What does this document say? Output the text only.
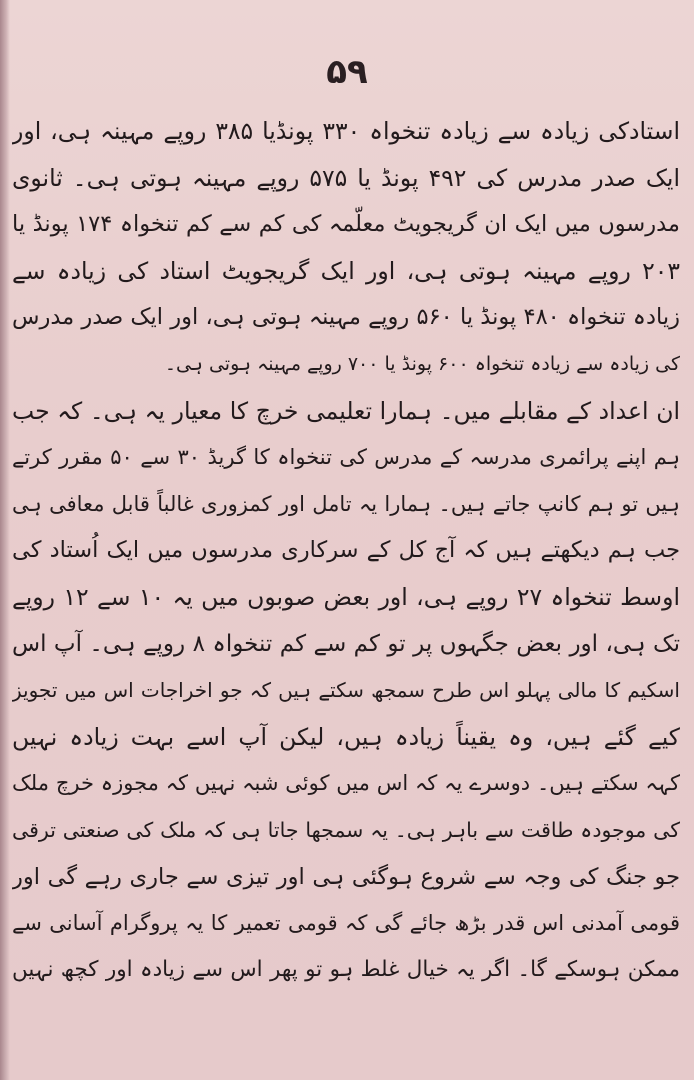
۵۹
استادکی زیادہ سے زیادہ تنخواہ ۳۳۰ پونڈیا ۳۸۵ روپے مہینہ ہی، اور
ایک صدر مدرس کی ۴۹۲ پونڈ یا ۵۷۵ روپے مہینہ ہوتی ہی۔ ثانوی
مدرسوں میں ایک ان گریجویٹ معلّمہ کی کم سے کم تنخواہ ۱۷۴ پونڈ یا
۲۰۳ روپے مہینہ ہوتی ہی، اور ایک گریجویٹ استاد کی زیادہ سے
زیادہ تنخواہ ۴۸۰ پونڈ یا ۵۶۰ روپے مہینہ ہوتی ہی، اور ایک صدر مدرس
کی زیادہ سے زیادہ تنخواہ ۶۰۰ پونڈ یا ۷۰۰ روپے مہینہ ہوتی ہی۔
ان اعداد کے مقابلے میں۔ ہمارا تعلیمی خرچ کا معیار یہ ہی۔ کہ جب
ہم اپنے پرائمری مدرسہ کے مدرس کی تنخواہ کا گریڈ ۳۰ سے ۵۰ مقرر کرتے
ہیں تو ہم کانپ جاتے ہیں۔ ہمارا یہ تامل اور کمزوری غالباً قابل معافی ہی
جب ہم دیکھتے ہیں کہ آج کل کے سرکاری مدرسوں میں ایک اُستاد کی
اوسط تنخواہ ۲۷ روپے ہی، اور بعض صوبوں میں یہ ۱۰ سے ۱۲ روپے
تک ہی، اور بعض جگہوں پر تو کم سے کم تنخواہ ۸ روپے ہی۔ آپ اس
اسکیم کا مالی پہلو اس طرح سمجھ سکتے ہیں کہ جو اخراجات اس میں تجویز
کیے گئے ہیں، وہ یقیناً زیادہ ہیں، لیکن آپ اسے بہت زیادہ نہیں
کہہ سکتے ہیں۔ دوسرے یہ کہ اس میں کوئی شبہ نہیں کہ مجوزہ خرچ ملک
کی موجودہ طاقت سے باہر ہی۔ یہ سمجھا جاتا ہی کہ ملک کی صنعتی ترقی
جو جنگ کی وجہ سے شروع ہوگئی ہی اور تیزی سے جاری رہے گی اور
قومی آمدنی اس قدر بڑھ جائے گی کہ قومی تعمیر کا یہ پروگرام آسانی سے
ممکن ہوسکے گا۔ اگر یہ خیال غلط ہو تو پھر اس سے زیادہ اور کچھ نہیں
